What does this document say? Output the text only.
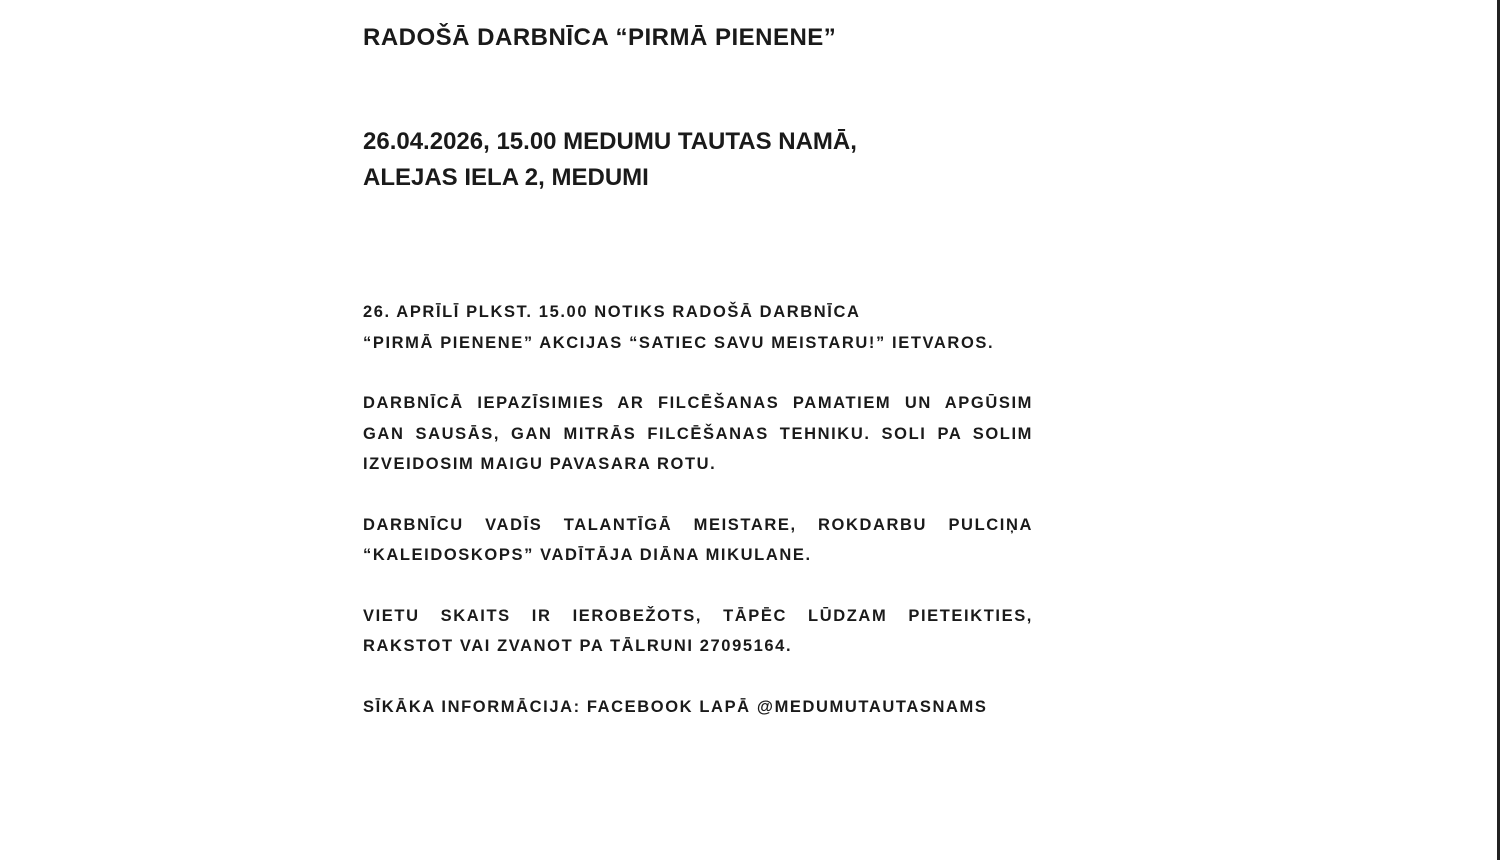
RADOŠĀ DARBNĪCA “PIRMĀ PIENENE”
26.04.2026, 15.00 MEDUMU TAUTAS NAMĀ,
ALEJAS IELA 2, MEDUMI
26. APRĪLĪ PLKST. 15.00 NOTIKS RADOŠĀ DARBNĪCA
“PIRMĀ PIENENE” AKCIJAS “SATIEC SAVU MEISTARU!” IETVAROS.
DARBNĪCĀ IEPAZĪSIMIES AR FILCĒŠANAS PAMATIEM UN APGŪSIM
GAN SAUSĀS, GAN MITRĀS FILCĒŠANAS TEHNIKU. SOLI PA SOLIM
IZVEIDOSIM MAIGU PAVASARA ROTU.
DARBNĪCU VADĪS TALANTĪGĀ MEISTARE, ROKDARBU PULCIŅA
“KALEIDOSKOPS” VADĪTĀJA DIĀNA MIKULANE.
VIETU SKAITS IR IEROBEŽOTS, TĀPĒC LŪDZAM PIETEIKTIES,
RAKSTOT VAI ZVANOT PA TĀLRUNI 27095164.
SĪKĀKA INFORMĀCIJA: FACEBOOK LAPĀ @MEDUMUTAUTASNAMS
